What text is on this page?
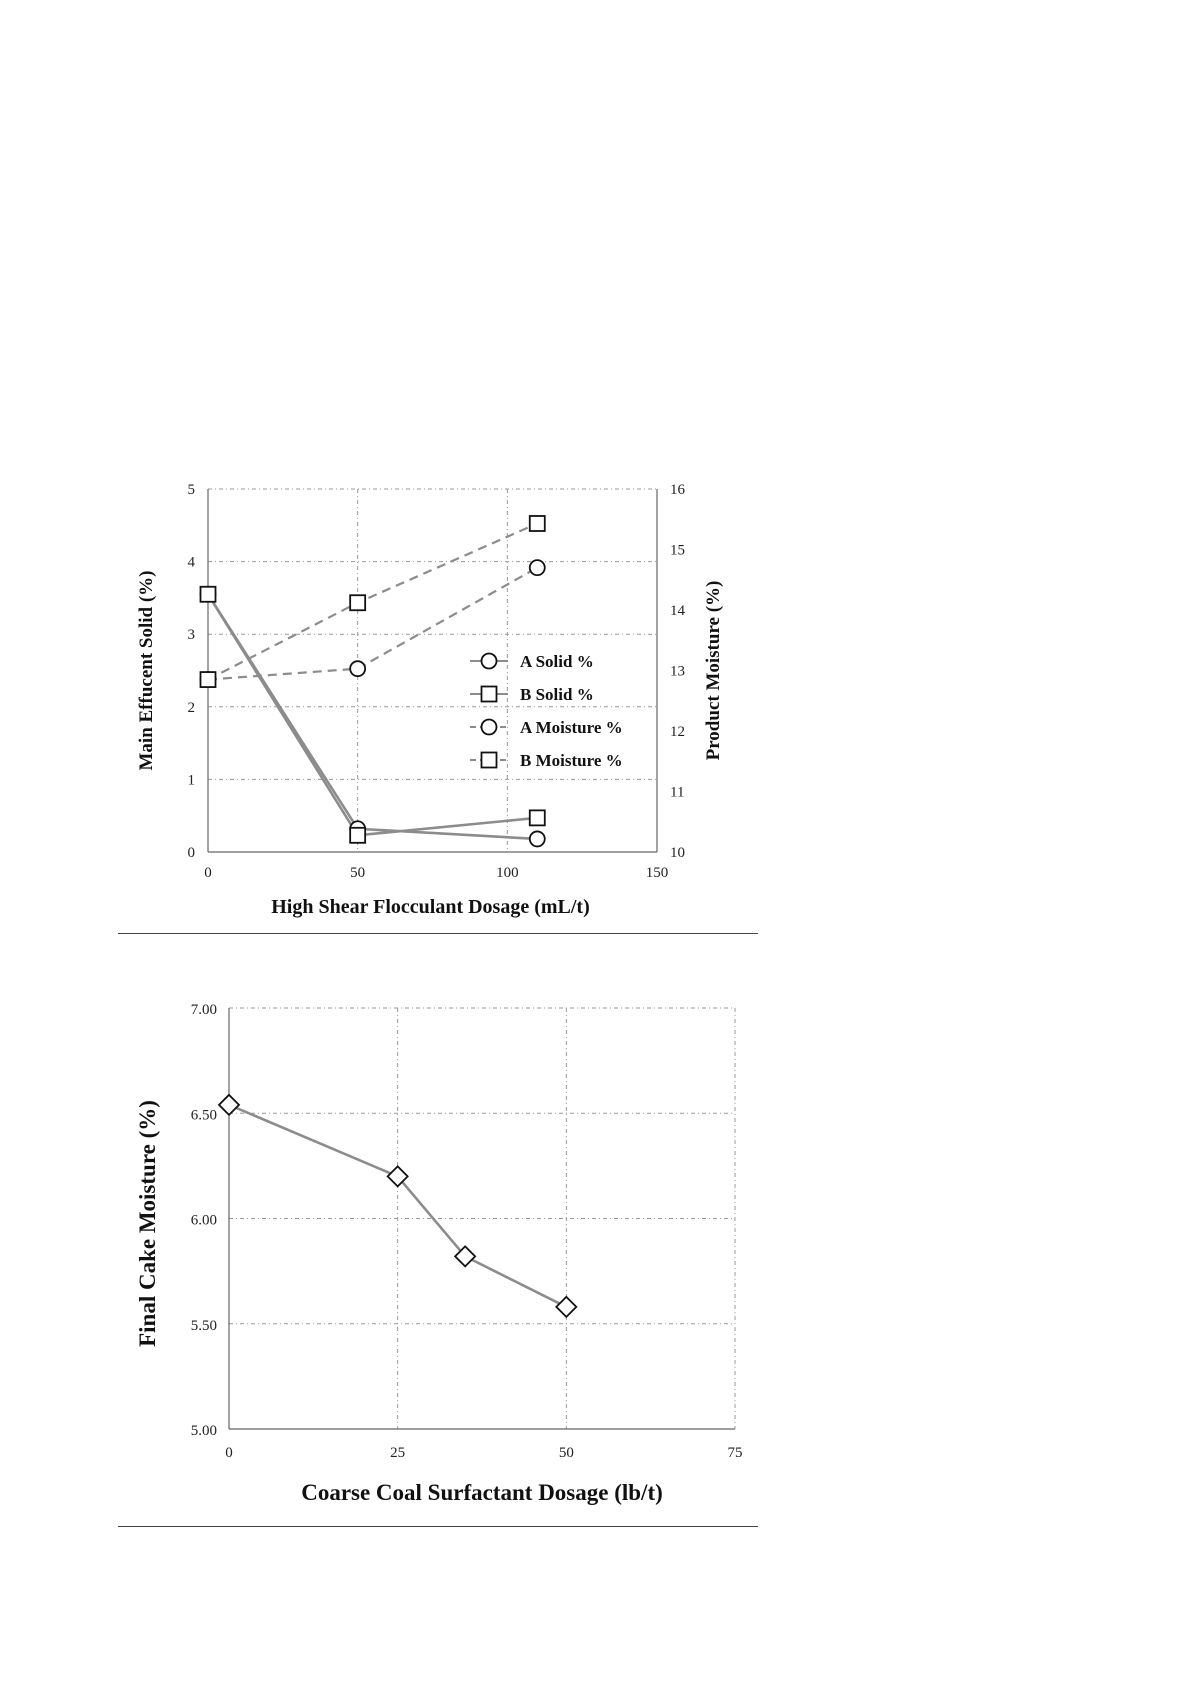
0	50	100	150
0
1
2
3
4
5
10
11
12
13
14
15
16
High Shear Flocculant Dosage (mL/t)
Main Effucent Solid (%)	Product Moisture (%)
A Solid %
B Solid %
A Moisture %
B Moisture %
0	25	50	75
5.00
5.50
6.00
6.50
7.00
Coarse Coal Surfactant Dosage (lb/t)
Final Cake Moisture (%)
